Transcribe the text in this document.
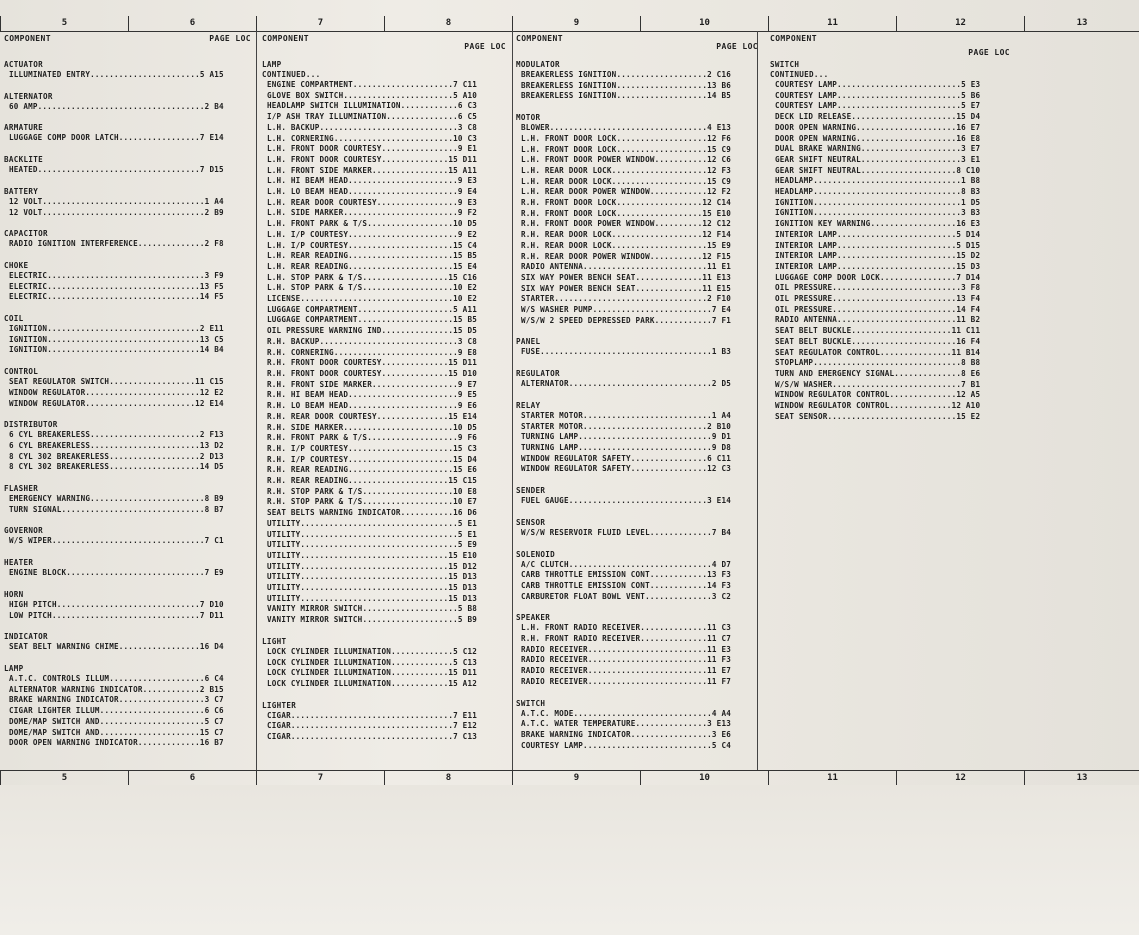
5	6	7	8	9	10	11	12	13
COMPONENT	PAGE LOC
ACTUATOR
ILLUMINATED ENTRY.......................5 A15
ALTERNATOR
60 AMP...................................2 B4
ARMATURE
LUGGAGE COMP DOOR LATCH.................7 E14
BACKLITE
HEATED..................................7 D15
BATTERY
12 VOLT..................................1 A4
12 VOLT..................................2 B9
CAPACITOR
RADIO IGNITION INTERFERENCE..............2 F8
CHOKE
ELECTRIC.................................3 F9
ELECTRIC................................13 F5
ELECTRIC................................14 F5
COIL
IGNITION................................2 E11
IGNITION................................13 C5
IGNITION................................14 B4
CONTROL
SEAT REGULATOR SWITCH..................11 C15
WINDOW REGULATOR........................12 E2
WINDOW REGULATOR.......................12 E14
DISTRIBUTOR
6 CYL BREAKERLESS.......................2 F13
6 CYL BREAKERLESS.......................13 D2
8 CYL 302 BREAKERLESS...................2 D13
8 CYL 302 BREAKERLESS...................14 D5
FLASHER
EMERGENCY WARNING........................8 B9
TURN SIGNAL..............................8 B7
GOVERNOR
W/S WIPER................................7 C1
HEATER
ENGINE BLOCK.............................7 E9
HORN
HIGH PITCH..............................7 D10
LOW PITCH...............................7 D11
INDICATOR
SEAT BELT WARNING CHIME.................16 D4
LAMP
A.T.C. CONTROLS ILLUM....................6 C4
ALTERNATOR WARNING INDICATOR............2 B15
BRAKE WARNING INDICATOR..................3 C7
CIGAR LIGHTER ILLUM......................6 C6
DOME/MAP SWITCH AND......................5 C7
DOME/MAP SWITCH AND.....................15 C7
DOOR OPEN WARNING INDICATOR.............16 B7
COMPONENT
PAGE LOC
LAMP
CONTINUED...
ENGINE COMPARTMENT.....................7 C11
GLOVE BOX SWITCH.......................5 A10
HEADLAMP SWITCH ILLUMINATION............6 C3
I/P ASH TRAY ILLUMINATION...............6 C5
L.H. BACKUP.............................3 C8
L.H. CORNERING.........................10 C3
L.H. FRONT DOOR COURTESY................9 E1
L.H. FRONT DOOR COURTESY..............15 D11
L.H. FRONT SIDE MARKER................15 A11
L.H. HI BEAM HEAD.......................9 E3
L.H. LO BEAM HEAD.......................9 E4
L.H. REAR DOOR COURTESY.................9 E3
L.H. SIDE MARKER........................9 F2
L.H. FRONT PARK & T/S..................10 D5
L.H. I/P COURTESY.......................9 E2
L.H. I/P COURTESY......................15 C4
L.H. REAR READING......................15 B5
L.H. REAR READING......................15 E4
L.H. STOP PARK & T/S..................15 C16
L.H. STOP PARK & T/S...................10 E2
LICENSE................................10 E2
LUGGAGE COMPARTMENT....................5 A11
LUGGAGE COMPARTMENT....................15 B5
OIL PRESSURE WARNING IND...............15 D5
R.H. BACKUP.............................3 C8
R.H. CORNERING..........................9 E8
R.H. FRONT DOOR COURTESY..............15 D11
R.H. FRONT DOOR COURTESY..............15 D10
R.H. FRONT SIDE MARKER..................9 E7
R.H. HI BEAM HEAD.......................9 E5
R.H. LO BEAM HEAD.......................9 E6
R.H. REAR DOOR COURTESY...............15 E14
R.H. SIDE MARKER.......................10 D5
R.H. FRONT PARK & T/S...................9 F6
R.H. I/P COURTESY......................15 C3
R.H. I/P COURTESY......................15 D4
R.H. REAR READING......................15 E6
R.H. REAR READING.....................15 C15
R.H. STOP PARK & T/S...................10 E8
R.H. STOP PARK & T/S...................10 E7
SEAT BELTS WARNING INDICATOR...........16 D6
UTILITY.................................5 E1
UTILITY.................................5 E1
UTILITY.................................5 E9
UTILITY...............................15 E10
UTILITY...............................15 D12
UTILITY...............................15 D13
UTILITY...............................15 D13
UTILITY...............................15 D13
VANITY MIRROR SWITCH....................5 B8
VANITY MIRROR SWITCH....................5 B9
LIGHT
LOCK CYLINDER ILLUMINATION.............5 C12
LOCK CYLINDER ILLUMINATION.............5 C13
LOCK CYLINDER ILLUMINATION............15 D11
LOCK CYLINDER ILLUMINATION............15 A12
LIGHTER
CIGAR..................................7 E11
CIGAR..................................7 E12
CIGAR..................................7 C13
COMPONENT
PAGE LOC
MODULATOR
BREAKERLESS IGNITION...................2 C16
BREAKERLESS IGNITION...................13 B6
BREAKERLESS IGNITION...................14 B5
MOTOR
BLOWER.................................4 E13
L.H. FRONT DOOR LOCK...................12 F6
L.H. FRONT DOOR LOCK...................15 C9
L.H. FRONT DOOR POWER WINDOW...........12 C6
L.H. REAR DOOR LOCK....................12 F3
L.H. REAR DOOR LOCK....................15 C9
L.H. REAR DOOR POWER WINDOW............12 F2
R.H. FRONT DOOR LOCK..................12 C14
R.H. FRONT DOOR LOCK..................15 E10
R.H. FRONT DOOR POWER WINDOW..........12 C12
R.H. REAR DOOR LOCK...................12 F14
R.H. REAR DOOR LOCK....................15 E9
R.H. REAR DOOR POWER WINDOW...........12 F15
RADIO ANTENNA..........................11 E1
SIX WAY POWER BENCH SEAT..............11 E13
SIX WAY POWER BENCH SEAT..............11 E15
STARTER................................2 F10
W/S WASHER PUMP.........................7 E4
W/S/W 2 SPEED DEPRESSED PARK............7 F1
PANEL
FUSE....................................1 B3
REGULATOR
ALTERNATOR..............................2 D5
RELAY
STARTER MOTOR...........................1 A4
STARTER MOTOR..........................2 B10
TURNING LAMP............................9 D1
TURNING LAMP............................9 D8
WINDOW REGULATOR SAFETY................6 C11
WINDOW REGULATOR SAFETY................12 C3
SENDER
FUEL GAUGE.............................3 E14
SENSOR
W/S/W RESERVOIR FLUID LEVEL.............7 B4
SOLENOID
A/C CLUTCH..............................4 D7
CARB THROTTLE EMISSION CONT............13 F3
CARB THROTTLE EMISSION CONT............14 F3
CARBURETOR FLOAT BOWL VENT..............3 C2
SPEAKER
L.H. FRONT RADIO RECEIVER..............11 C3
R.H. FRONT RADIO RECEIVER..............11 C7
RADIO RECEIVER.........................11 E3
RADIO RECEIVER.........................11 F3
RADIO RECEIVER.........................11 E7
RADIO RECEIVER.........................11 F7
SWITCH
A.T.C. MODE.............................4 A4
A.T.C. WATER TEMPERATURE...............3 E13
BRAKE WARNING INDICATOR.................3 E6
COURTESY LAMP...........................5 C4
COMPONENT
PAGE LOC
SWITCH
CONTINUED...
COURTESY LAMP..........................5 E3
COURTESY LAMP..........................5 B6
COURTESY LAMP..........................5 E7
DECK LID RELEASE......................15 D4
DOOR OPEN WARNING.....................16 E7
DOOR OPEN WARNING.....................16 E8
DUAL BRAKE WARNING.....................3 E7
GEAR SHIFT NEUTRAL.....................3 E1
GEAR SHIFT NEUTRAL....................8 C10
HEADLAMP...............................1 B8
HEADLAMP...............................8 B3
IGNITION...............................1 D5
IGNITION...............................3 B3
IGNITION KEY WARNING..................16 E3
INTERIOR LAMP.........................5 D14
INTERIOR LAMP.........................5 D15
INTERIOR LAMP.........................15 D2
INTERIOR LAMP.........................15 D3
LUGGAGE COMP DOOR LOCK................7 D14
OIL PRESSURE...........................3 F8
OIL PRESSURE..........................13 F4
OIL PRESSURE..........................14 F4
RADIO ANTENNA.........................11 B2
SEAT BELT BUCKLE.....................11 C11
SEAT BELT BUCKLE......................16 F4
SEAT REGULATOR CONTROL...............11 B14
STOPLAMP...............................8 B8
TURN AND EMERGENCY SIGNAL..............8 E6
W/S/W WASHER...........................7 B1
WINDOW REGULATOR CONTROL..............12 A5
WINDOW REGULATOR CONTROL.............12 A10
SEAT SENSOR...........................15 E2
5	6	7	8	9	10	11	12	13
